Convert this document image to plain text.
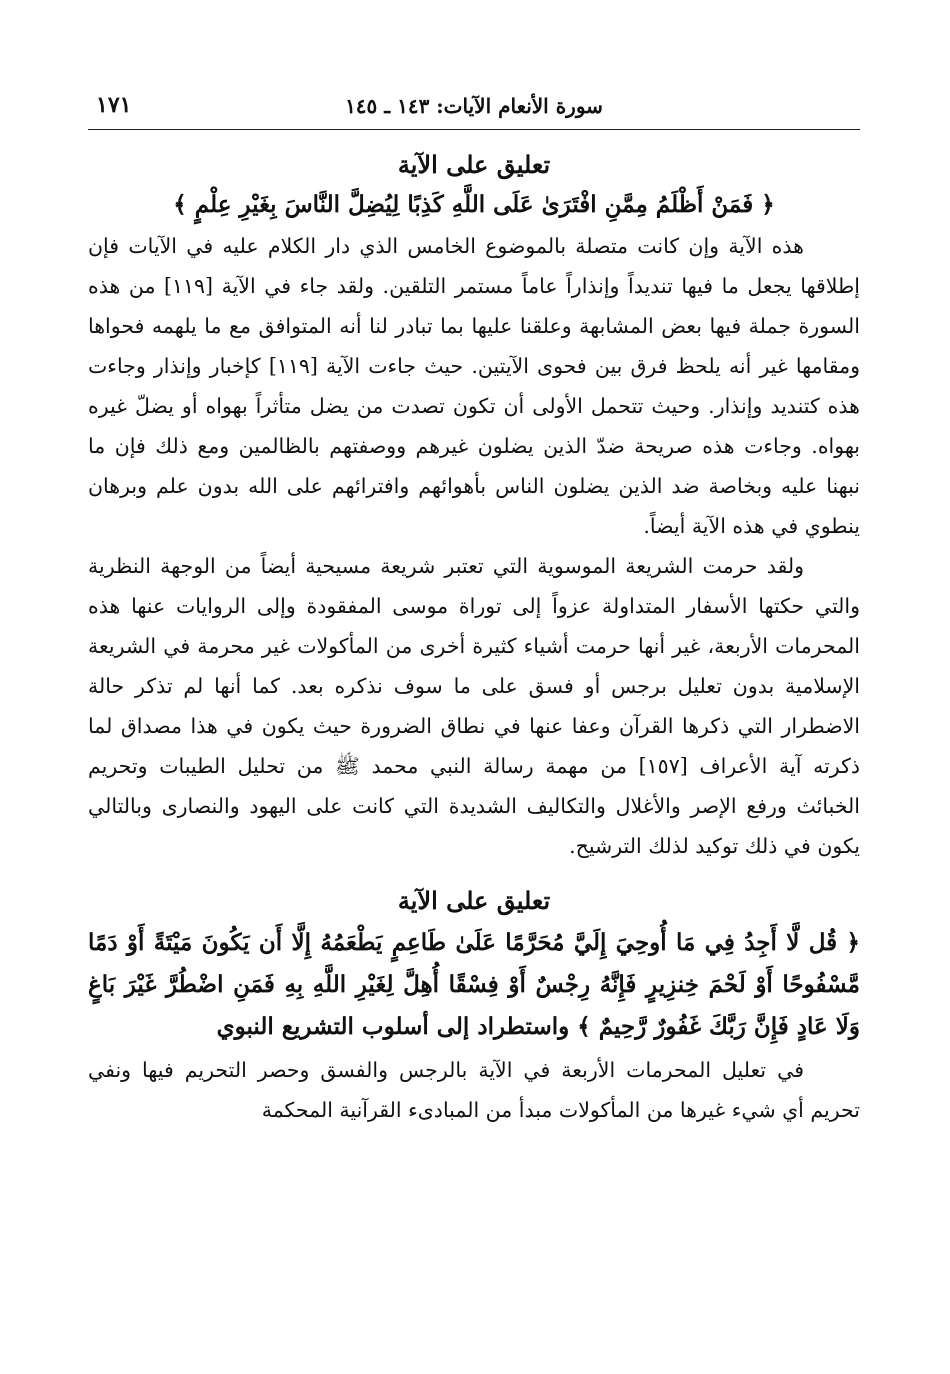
سورة الأنعام الآيات: ١٤٣ ـ ١٤٥
١٧١
تعليق على الآية
﴿ فَمَنْ أَظْلَمُ مِمَّنِ افْتَرَىٰ عَلَى اللَّهِ كَذِبًا لِيُضِلَّ النَّاسَ بِغَيْرِ عِلْمٍ ﴾

هذه الآية وإن كانت متصلة بالموضوع الخامس الذي دار الكلام عليه في الآيات فإن إطلاقها يجعل ما فيها تنديداً وإنذاراً عاماً مستمر التلقين. ولقد جاء في الآية [١١٩] من هذه السورة جملة فيها بعض المشابهة وعلقنا عليها بما تبادر لنا أنه المتوافق مع ما يلهمه فحواها ومقامها غير أنه يلحظ فرق بين فحوى الآيتين. حيث جاءت الآية [١١٩] كإخبار وإنذار وجاءت هذه كتنديد وإنذار. وحيث تتحمل الأولى أن تكون تصدت من يضل متأثراً بهواه أو يضلّ غيره بهواه. وجاءت هذه صريحة ضدّ الذين يضلون غيرهم ووصفتهم بالظالمين ومع ذلك فإن ما نبهنا عليه وبخاصة ضد الذين يضلون الناس بأهوائهم وافترائهم على الله بدون علم وبرهان ينطوي في هذه الآية أيضاً.

ولقد حرمت الشريعة الموسوية التي تعتبر شريعة مسيحية أيضاً من الوجهة النظرية والتي حكتها الأسفار المتداولة عزواً إلى توراة موسى المفقودة وإلى الروايات عنها هذه المحرمات الأربعة، غير أنها حرمت أشياء كثيرة أخرى من المأكولات غير محرمة في الشريعة الإسلامية بدون تعليل برجس أو فسق على ما سوف نذكره بعد. كما أنها لم تذكر حالة الاضطرار التي ذكرها القرآن وعفا عنها في نطاق الضرورة حيث يكون في هذا مصداق لما ذكرته آية الأعراف [١٥٧] من مهمة رسالة النبي محمد ﷺ من تحليل الطيبات وتحريم الخبائث ورفع الإصر والأغلال والتكاليف الشديدة التي كانت على اليهود والنصارى وبالتالي يكون في ذلك توكيد لذلك الترشيح.

تعليق على الآية
﴿ قُل لَّا أَجِدُ فِي مَا أُوحِيَ إِلَيَّ مُحَرَّمًا عَلَىٰ طَاعِمٍ يَطْعَمُهُ إِلَّا أَن يَكُونَ مَيْتَةً أَوْ دَمًا مَّسْفُوحًا أَوْ لَحْمَ خِنزِيرٍ فَإِنَّهُ رِجْسٌ أَوْ فِسْقًا أُهِلَّ لِغَيْرِ اللَّهِ بِهِ فَمَنِ اضْطُرَّ غَيْرَ بَاغٍ وَلَا عَادٍ فَإِنَّ رَبَّكَ غَفُورٌ رَّحِيمٌ ﴾ واستطراد إلى أسلوب التشريع النبوي

في تعليل المحرمات الأربعة في الآية بالرجس والفسق وحصر التحريم فيها ونفي تحريم أي شيء غيرها من المأكولات مبدأ من المبادىء القرآنية المحكمة
